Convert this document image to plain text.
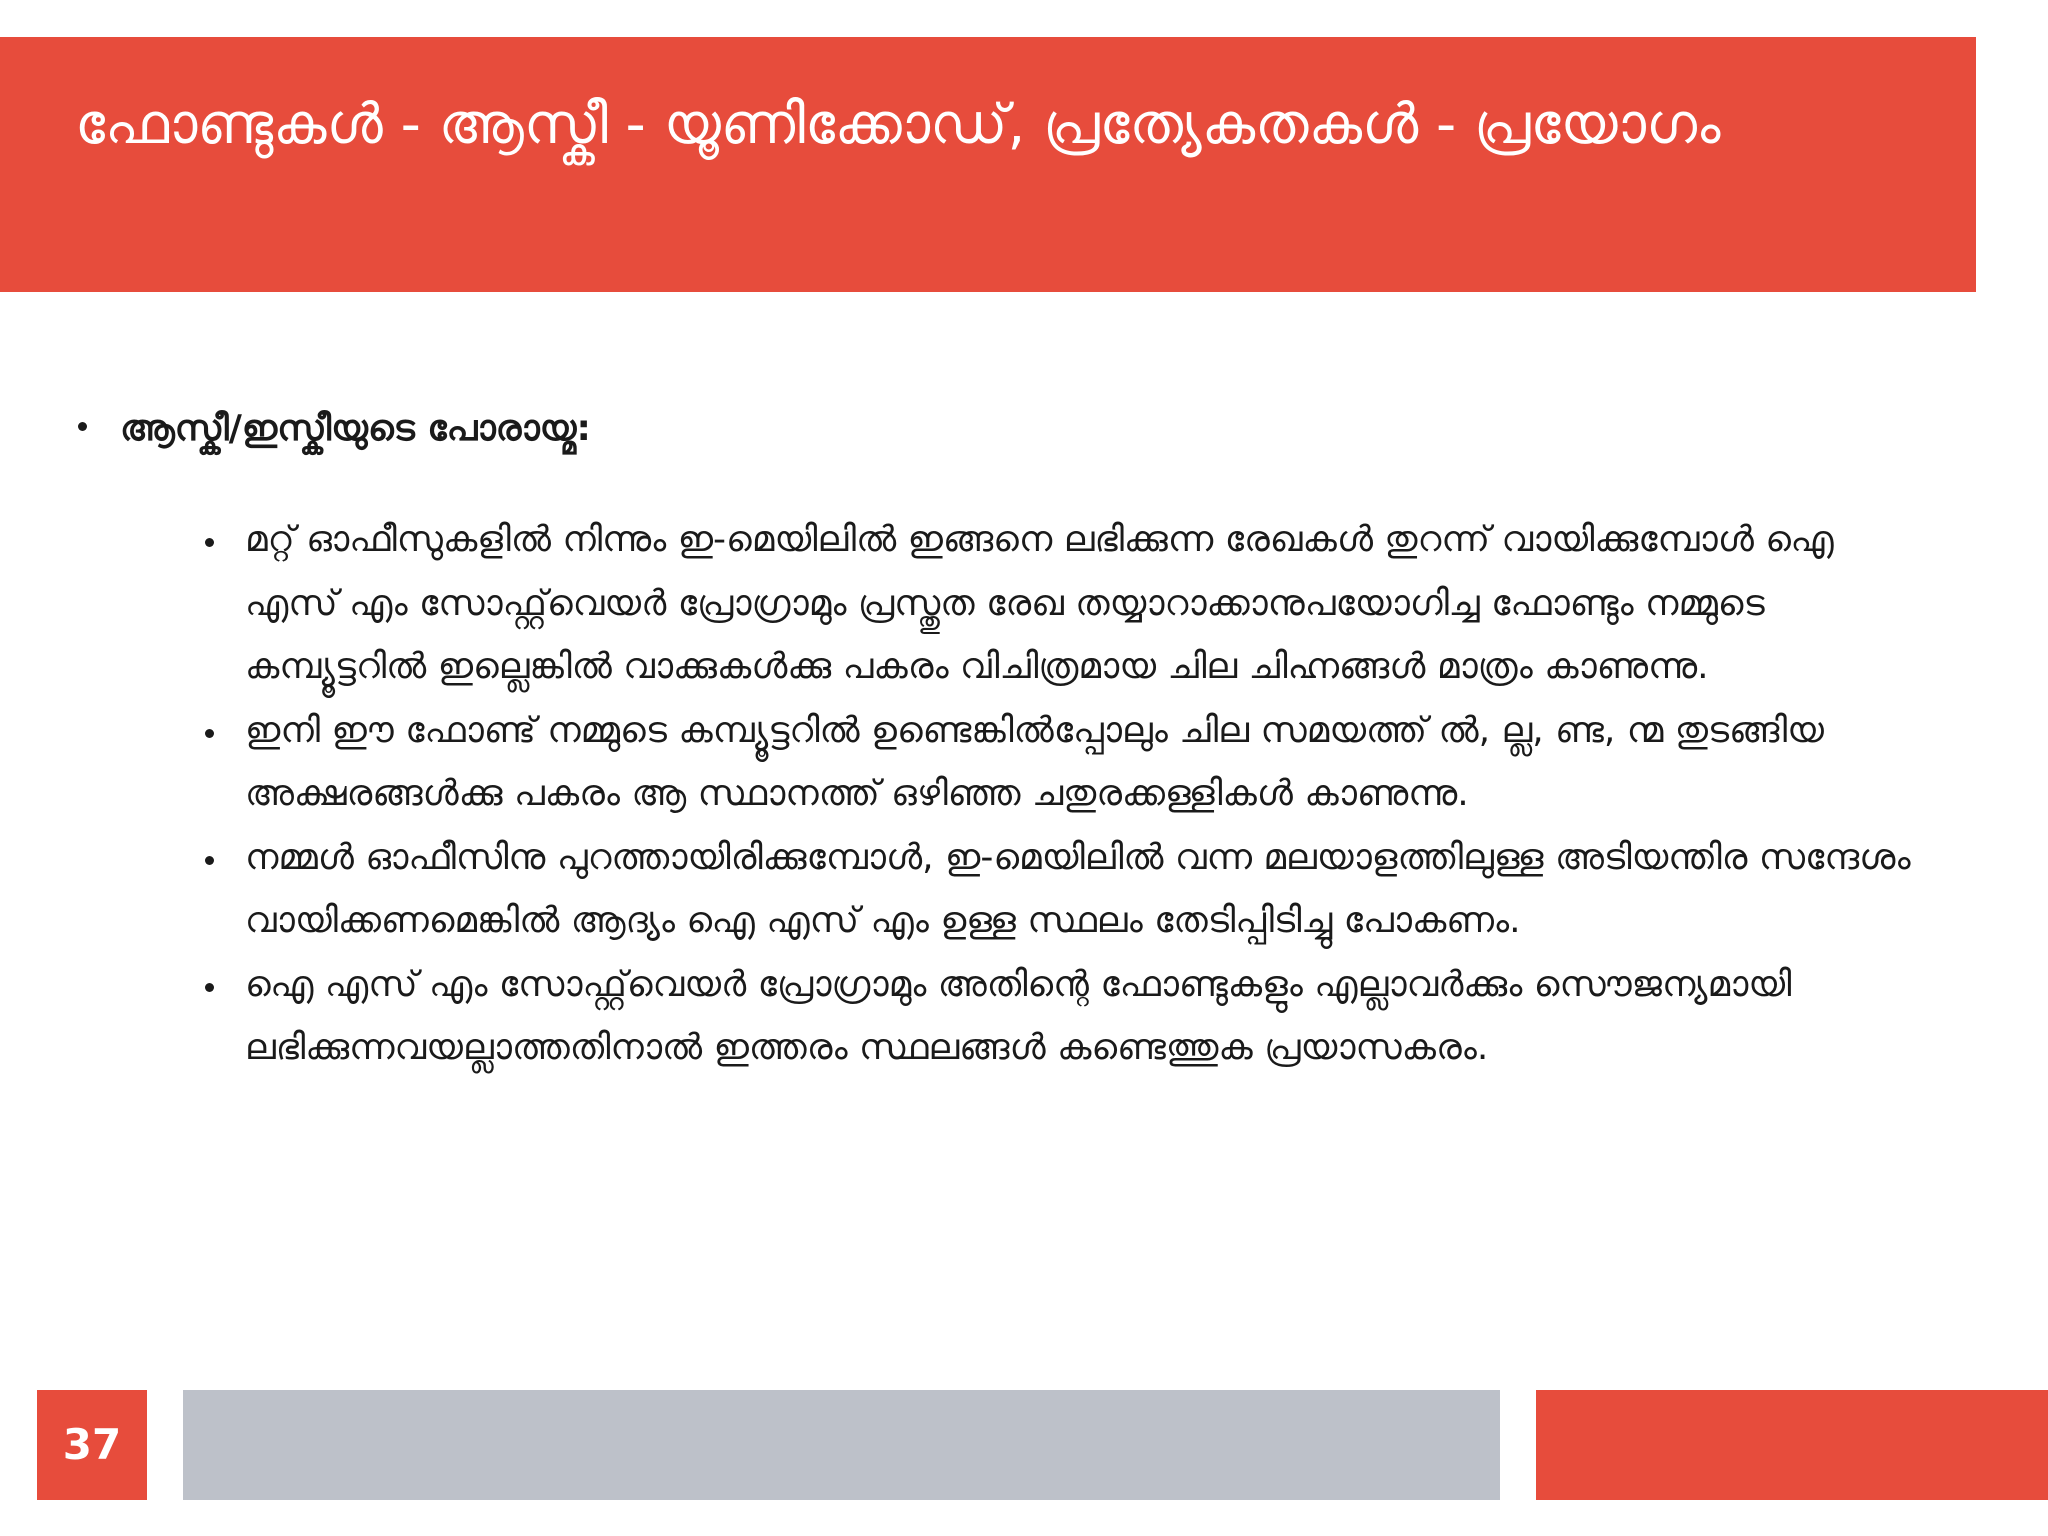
ഫോണ്ടുകൾ - ആസ്കീ - യൂണിക്കോഡ്, പ്രത്യേകതകൾ - പ്രയോഗം
ആസ്കീ/ഇസ്കീയുടെ പോരായ്മ:
മറ്റ് ഓഫീസുകളിൽ നിന്നും ഇ-മെയിലിൽ ഇങ്ങനെ ലഭിക്കുന്ന രേഖകൾ തുറന്ന് വായിക്കുമ്പോൾ ഐ എസ് എം സോഫ്റ്റ്‌വെയർ പ്രോഗ്രാമും പ്രസ്തുത രേഖ തയ്യാറാക്കാനുപയോഗിച്ച ഫോണ്ടും നമ്മുടെ കമ്പ്യൂട്ടറിൽ ഇല്ലെങ്കിൽ വാക്കുകൾക്കു പകരം വിചിത്രമായ ചില ചിഹ്നങ്ങൾ മാത്രം കാണുന്നു.
ഇനി ഈ ഫോണ്ട് നമ്മുടെ കമ്പ്യൂട്ടറിൽ ഉണ്ടെങ്കിൽപ്പോലും ചില സമയത്ത് ൽ, ല്ല, ണ്ട, ന്മ തുടങ്ങിയ അക്ഷരങ്ങൾക്കു പകരം ആ സ്ഥാനത്ത് ഒഴിഞ്ഞ ചതുരക്കള്ളികൾ കാണുന്നു.
നമ്മൾ ഓഫീസിനു പുറത്തായിരിക്കുമ്പോൾ, ഇ-മെയിലിൽ വന്ന മലയാളത്തിലുള്ള അടിയന്തിര സന്ദേശം വായിക്കണമെങ്കിൽ ആദ്യം ഐ എസ് എം ഉള്ള സ്ഥലം തേടിപ്പിടിച്ചു പോകണം.
ഐ എസ് എം സോഫ്റ്റ്‌വെയർ പ്രോഗ്രാമും അതിന്റെ ഫോണ്ടുകളും എല്ലാവർക്കും സൌജന്യമായി ലഭിക്കുന്നവയല്ലാത്തതിനാൽ ഇത്തരം സ്ഥലങ്ങൾ കണ്ടെത്തുക പ്രയാസകരം.
37
